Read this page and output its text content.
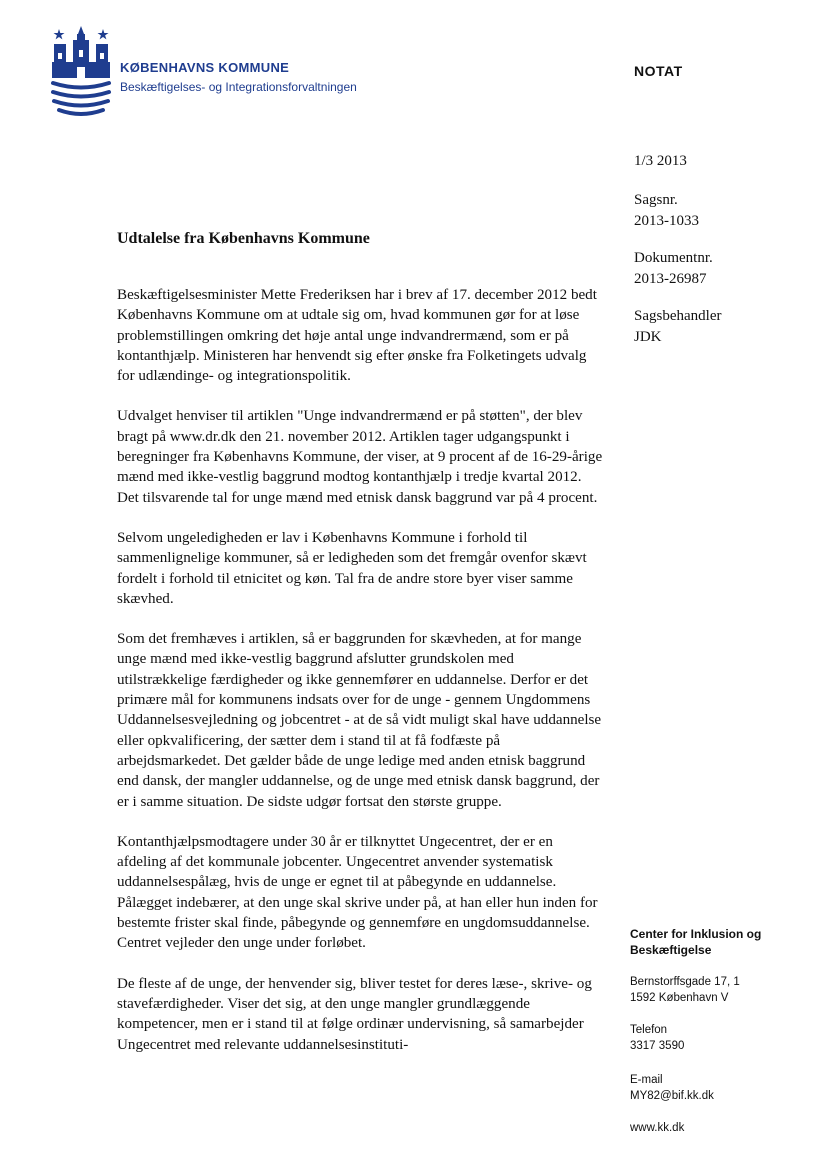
KØBENHAVNS KOMMUNE
Beskæftigelses- og Integrationsforvaltningen
NOTAT
1/3 2013
Sagsnr.
2013-1033
Dokumentnr.
2013-26987
Sagsbehandler
JDK
Udtalelse fra Københavns Kommune

Beskæftigelsesminister Mette Frederiksen har i brev af 17. december 2012 bedt Københavns Kommune om at udtale sig om, hvad kommunen gør for at løse problemstillingen omkring det høje antal unge indvandrermænd, som er på kontanthjælp. Ministeren har henvendt sig efter ønske fra Folketingets udvalg for udlændinge- og integrationspolitik.

Udvalget henviser til artiklen "Unge indvandrermænd er på støtten", der blev bragt på www.dr.dk den 21. november 2012. Artiklen tager udgangspunkt i beregninger fra Københavns Kommune, der viser, at 9 procent af de 16-29-årige mænd med ikke-vestlig baggrund modtog kontanthjælp i tredje kvartal 2012. Det tilsvarende tal for unge mænd med etnisk dansk baggrund var på 4 procent.

Selvom ungeledigheden er lav i Københavns Kommune i forhold til sammenlignelige kommuner, så er ledigheden som det fremgår ovenfor skævt fordelt i forhold til etnicitet og køn. Tal fra de andre store byer viser samme skævhed.

Som det fremhæves i artiklen, så er baggrunden for skævheden, at for mange unge mænd med ikke-vestlig baggrund afslutter grundskolen med utilstrækkelige færdigheder og ikke gennemfører en uddannelse. Derfor er det primære mål for kommunens indsats over for de unge - gennem Ungdommens Uddannelsesvejledning og jobcentret - at de så vidt muligt skal have uddannelse eller opkvalificering, der sætter dem i stand til at få fodfæste på arbejdsmarkedet. Det gælder både de unge ledige med anden etnisk baggrund end dansk, der mangler uddannelse, og de unge med etnisk dansk baggrund, der er i samme situation. De sidste udgør fortsat den største gruppe.

Kontanthjælpsmodtagere under 30 år er tilknyttet Ungecentret, der er en afdeling af det kommunale jobcenter. Ungecentret anvender systematisk uddannelsespålæg, hvis de unge er egnet til at påbegynde en uddannelse. Pålægget indebærer, at den unge skal skrive under på, at han eller hun inden for bestemte frister skal finde, påbegynde og gennemføre en ungdomsuddannelse. Centret vejleder den unge under forløbet.

De fleste af de unge, der henvender sig, bliver testet for deres læse-, skrive- og stavefærdigheder. Viser det sig, at den unge mangler grundlæggende kompetencer, men er i stand til at følge ordinær undervisning, så samarbejder Ungecentret med relevante uddannelsesinstituti-

Center for Inklusion og
Beskæftigelse
Bernstorffsgade 17, 1
1592 København V
Telefon
3317 3590
E-mail
MY82@bif.kk.dk
www.kk.dk
